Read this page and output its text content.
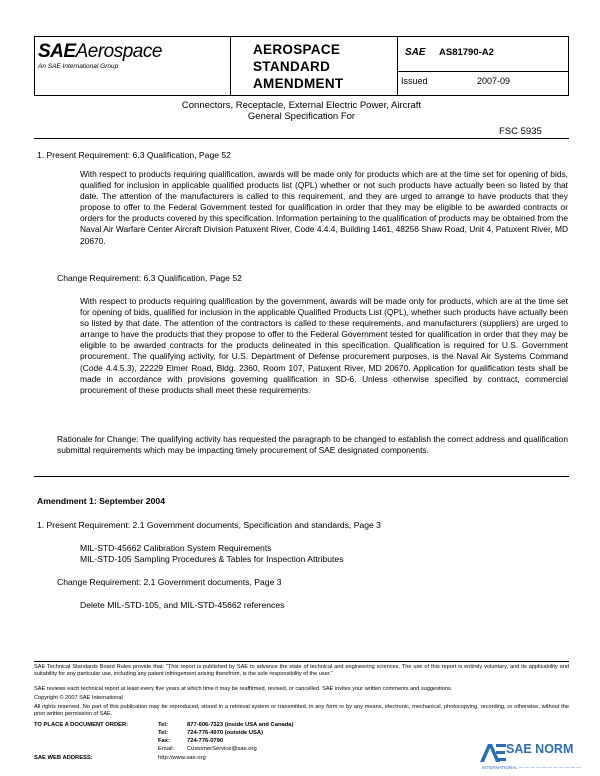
SAEAerospace
An SAE International Group
AEROSPACE
STANDARD
AMENDMENT
SAE AS81790-A2
Issued	2007-09
Connectors, Receptacle, External Electric Power, Aircraft
General Specification For
FSC 5935
1. Present Requirement: 6.3 Qualification, Page 52
With respect to products requiring qualification, awards will be made only for products which are at the time set for opening of bids, qualified for inclusion in applicable qualified products list (QPL) whether or not such products have actually been so listed by that date. The attention of the manufacturers is called to this requirement, and they are urged to arrange to have products that they propose to offer to the Federal Government tested for qualification in order that they may be eligible to be awarded contracts or orders for the products covered by this specification. Information pertaining to the qualification of products may be obtained from the Naval Air Warfare Center Aircraft Division Patuxent River, Code 4.4.4, Building 1461, 48256 Shaw Road, Unit 4, Patuxent River, MD 20670.
Change Requirement: 6.3 Qualification, Page 52
With respect to products requiring qualification by the government, awards will be made only for products, which are at the time set for opening of bids, qualified for inclusion in the applicable Qualified Products List (QPL), whether such products have actually been so listed by that date. The attention of the contractors is called to these requirements, and manufacturers (suppliers) are urged to arrange to have the products that they propose to offer to the Federal Government tested for qualification in order that they may be eligible to be awarded contracts for the products delineated in this specification. Qualification is required for U.S. Government procurement. The qualifying activity, for U.S. Department of Defense procurement purposes, is the Naval Air Systems Command (Code 4.4.5.3), 22229 Elmer Road, Bldg. 2360, Room 107, Patuxent River, MD 20670. Application for qualification tests shall be made in accordance with provisions governing qualification in SD-6. Unless otherwise specified by contract, commercial procurement of these products shall meet these requirements.
Rationale for Change: The qualifying activity has requested the paragraph to be changed to establish the correct address and qualification submittal requirements which may be impacting timely procurement of SAE designated components.
Amendment 1: September 2004
1. Present Requirement: 2.1 Government documents, Specification and standards, Page 3
MIL-STD-45662 Calibration System Requirements
MIL-STD-105 Sampling Procedures & Tables for Inspection Attributes
Change Requirement: 2.1 Government documents, Page 3
Delete MIL-STD-105, and MIL-STD-45662 references
SAE Technical Standards Board Rules provide that: "This report is published by SAE to advance the state of technical and engineering sciences. The use of this report is entirely voluntary, and its applicability and suitability for any particular use, including any patent infringement arising therefrom, is the sole responsibility of the user."
SAE reviews each technical report at least every five years at which time it may be reaffirmed, revised, or cancelled. SAE invites your written comments and suggestions.
Copyright © 2007 SAE International
All rights reserved. No part of this publication may be reproduced, stored in a retrieval system or transmitted, in any form or by any means, electronic, mechanical, photocopying, recording, or otherwise, without the prior written permission of SAE.
TO PLACE A DOCUMENT ORDER:	Tel:	877-606-7323 (inside USA and Canada)
Tel:	724-776-4970 (outside USA)
Fax:	724-776-0790
Email: CustomerService@sae.org
SAE WEB ADDRESS:	http://www.sae.org
SAE NORM
INTERNATIONAL — — — — — — — — — — —
